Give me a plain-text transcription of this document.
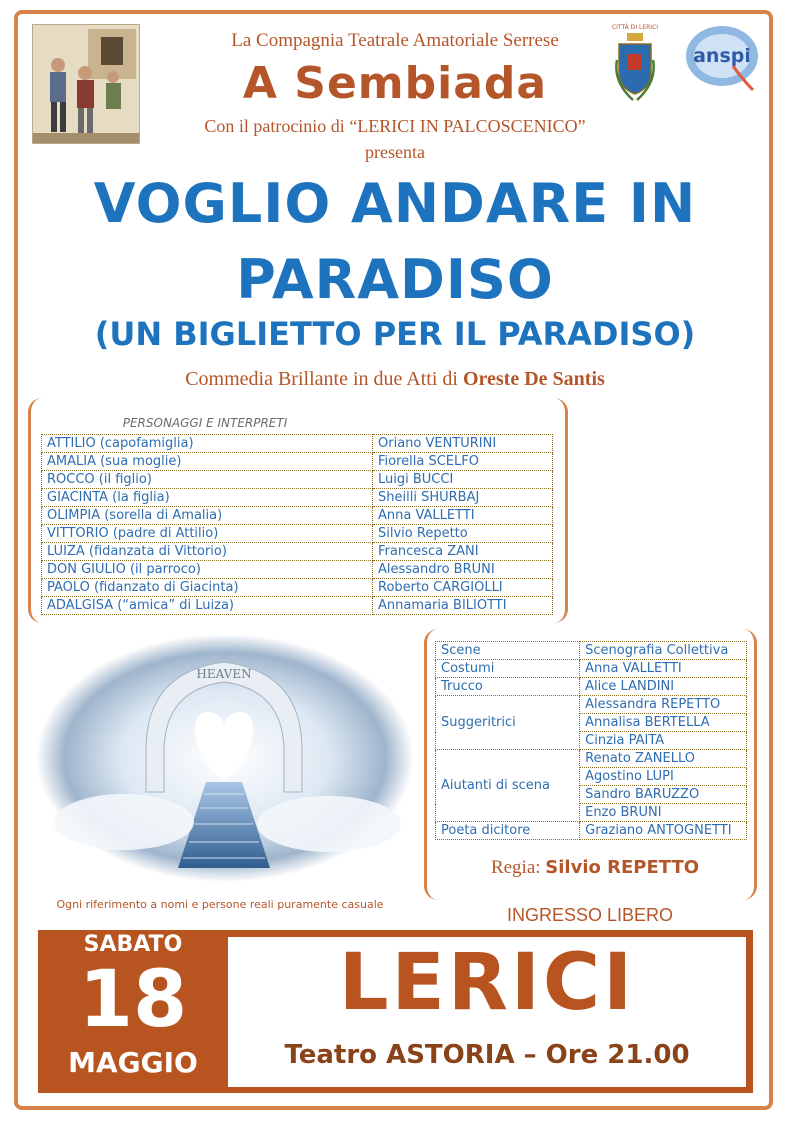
CITTÀ DI LERICI
anspi
La Compagnia Teatrale Amatoriale Serrese
A Sembiada
Con il patrocinio di “LERICI IN PALCOSCENICO”
presenta
VOGLIO ANDARE IN
PARADISO
(UN BIGLIETTO PER IL PARADISO)
Commedia Brillante in due Atti di Oreste De Santis
PERSONAGGI E INTERPRETI
ATTILIO (capofamiglia)	Oriano VENTURINI
AMALIA (sua moglie)	Fiorella SCELFO
ROCCO (il figlio)	Luigi BUCCI
GIACINTA (la figlia)	Sheilli SHURBAJ
OLIMPIA (sorella di Amalia)	Anna VALLETTI
VITTORIO (padre di Attilio)	Silvio Repetto
LUIZA (fidanzata di Vittorio)	Francesca ZANI
DON GIULIO (il parroco)	Alessandro BRUNI
PAOLO (fidanzato di Giacinta)	Roberto CARGIOLLI
ADALGISA (“amica” di Luiza)	Annamaria BILIOTTI
HEAVEN
Scene	Scenografia Collettiva
Costumi	Anna VALLETTI
Trucco	Alice LANDINI
Suggeritrici	Alessandra REPETTO
	Annalisa BERTELLA
	Cinzia PAITA
Aiutanti di scena	Renato ZANELLO
	Agostino LUPI
	Sandro BARUZZO
	Enzo BRUNI
Poeta dicitore	Graziano ANTOGNETTI
Regia: Silvio REPETTO
Ogni riferimento a nomi e persone reali puramente casuale
INGRESSO LIBERO
SABATO
18
MAGGIO
LERICI
Teatro ASTORIA – Ore 21.00
